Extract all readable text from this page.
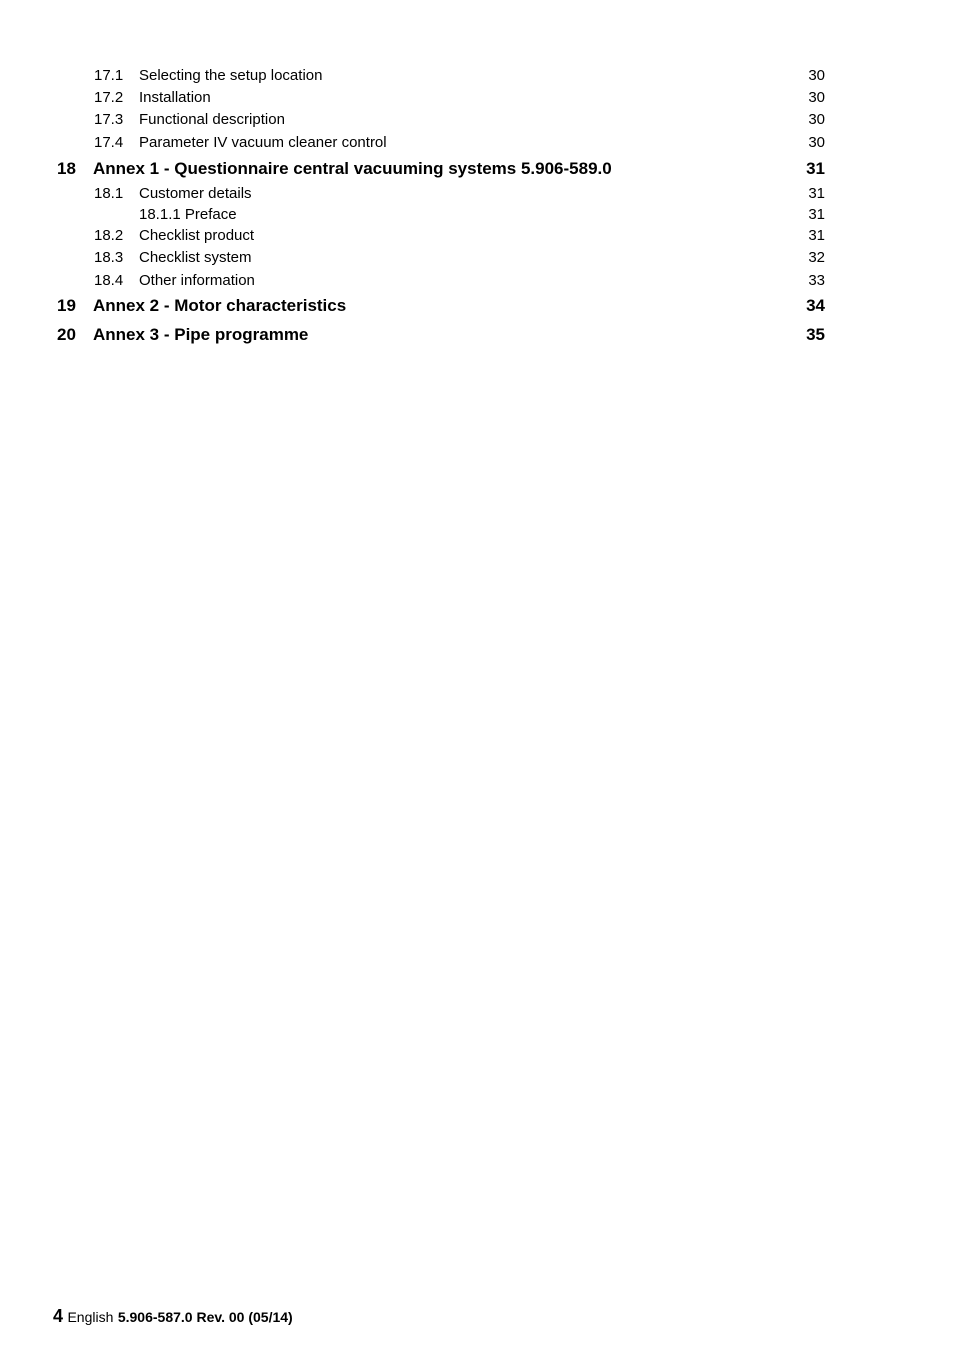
17.1 Selecting the setup location	30
17.2 Installation	30
17.3 Functional description	30
17.4 Parameter IV vacuum cleaner control	30
18 Annex 1 - Questionnaire central vacuuming systems 5.906-589.0	31
18.1 Customer details	31
18.1.1 Preface	31
18.2 Checklist product	31
18.3 Checklist system	32
18.4 Other information	33
19 Annex 2 - Motor characteristics	34
20 Annex 3 - Pipe programme	35
4 English 5.906-587.0 Rev. 00 (05/14)
